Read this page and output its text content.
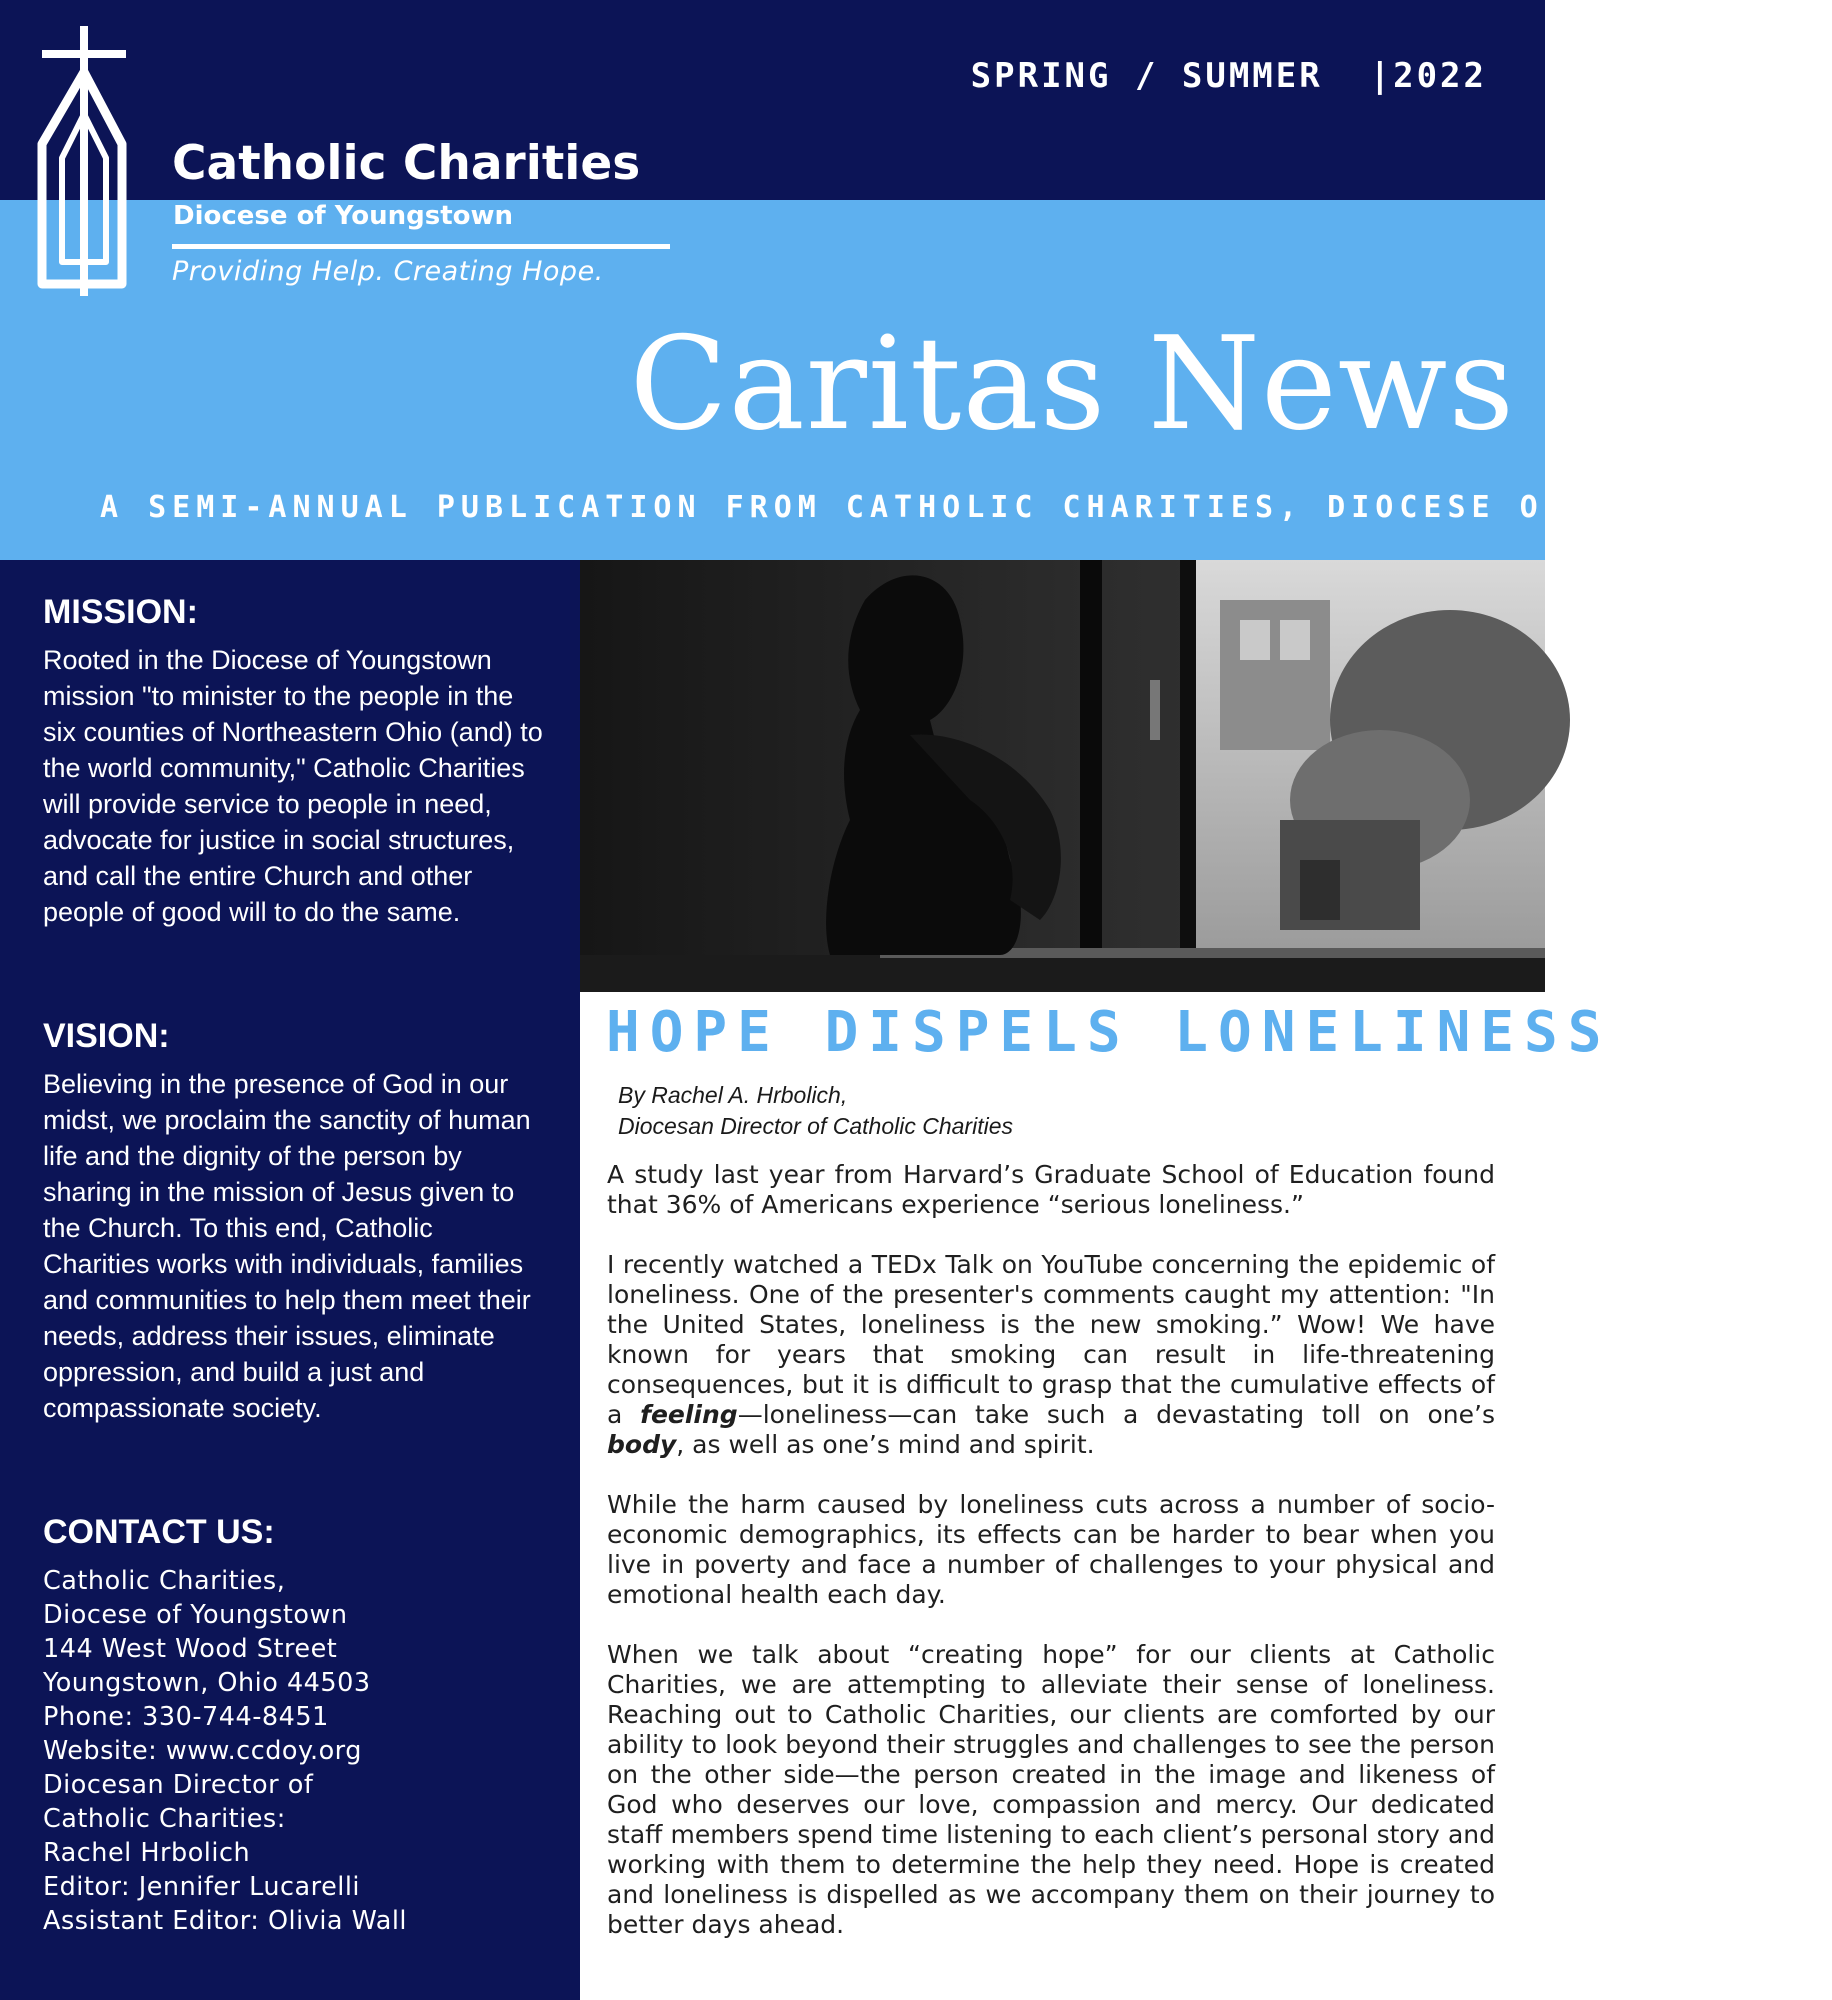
SPRING / SUMMER  |2022
Catholic Charities
Diocese of Youngstown
Providing Help. Creating Hope.
Caritas News

A SEMI-ANNUAL PUBLICATION FROM CATHOLIC CHARITIES, DIOCESE OF YOUNGSTOWN

MISSION:

Rooted in the Diocese of Youngstown mission "to minister to the people in the six counties of Northeastern Ohio (and) to the world community," Catholic Charities will provide service to people in need, advocate for justice in social structures, and call the entire Church and other people of good will to do the same.

VISION:

Believing in the presence of God in our midst, we proclaim the sanctity of human life and the dignity of the person by sharing in the mission of Jesus given to the Church. To this end, Catholic Charities works with individuals, families and communities to help them meet their needs, address their issues, eliminate oppression, and build a just and compassionate society.

CONTACT US:

Catholic Charities,

Diocese of Youngstown

144 West Wood Street

Youngstown, Ohio 44503

Phone: 330-744-8451

Website: www.ccdoy.org

Diocesan Director of

Catholic Charities:

Rachel Hrbolich

Editor: Jennifer Lucarelli

Assistant Editor: Olivia Wall

HOPE DISPELS LONELINESS

By Rachel A. Hrbolich,
Diocesan Director of Catholic Charities

A study last year from Harvard’s Graduate School of Education found that 36% of Americans experience “serious loneliness.”

I recently watched a TEDx Talk on YouTube concerning the epidemic of loneliness. One of the presenter's comments caught my attention: "In the United States, loneliness is the new smoking.” Wow! We have known for years that smoking can result in life-threatening consequences, but it is difficult to grasp that the cumulative effects of a feeling—loneliness—can take such a devastating toll on one’s body, as well as one’s mind and spirit.

While the harm caused by loneliness cuts across a number of socio-economic demographics, its effects can be harder to bear when you live in poverty and face a number of challenges to your physical and emotional health each day.

When we talk about “creating hope” for our clients at Catholic Charities, we are attempting to alleviate their sense of loneliness. Reaching out to Catholic Charities, our clients are comforted by our ability to look beyond their struggles and challenges to see the person on the other side—the person created in the image and likeness of God who deserves our love, compassion and mercy. Our dedicated staff members spend time listening to each client’s personal story and working with them to determine the help they need. Hope is created and loneliness is dispelled as we accompany them on their journey to better days ahead.
